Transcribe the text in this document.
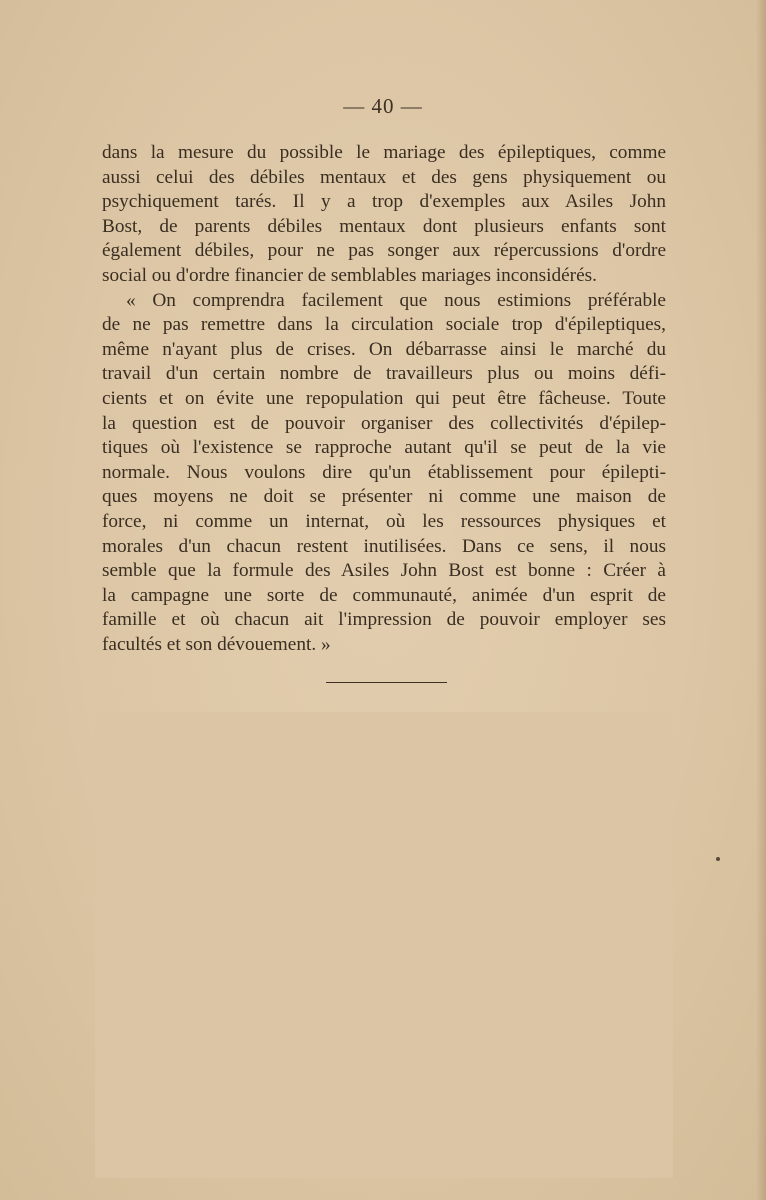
— 40 —
dans la mesure du possible le mariage des épileptiques, comme
aussi celui des débiles mentaux et des gens physiquement ou
psychiquement tarés. Il y a trop d'exemples aux Asiles John
Bost, de parents débiles mentaux dont plusieurs enfants sont
également débiles, pour ne pas songer aux répercussions d'ordre
social ou d'ordre financier de semblables mariages inconsidérés.
« On comprendra facilement que nous estimions préférable
de ne pas remettre dans la circulation sociale trop d'épileptiques,
même n'ayant plus de crises. On débarrasse ainsi le marché du
travail d'un certain nombre de travailleurs plus ou moins défi-
cients et on évite une repopulation qui peut être fâcheuse. Toute
la question est de pouvoir organiser des collectivités d'épilep-
tiques où l'existence se rapproche autant qu'il se peut de la vie
normale. Nous voulons dire qu'un établissement pour épilepti-
ques moyens ne doit se présenter ni comme une maison de
force, ni comme un internat, où les ressources physiques et
morales d'un chacun restent inutilisées. Dans ce sens, il nous
semble que la formule des Asiles John Bost est bonne : Créer à
la campagne une sorte de communauté, animée d'un esprit de
famille et où chacun ait l'impression de pouvoir employer ses
facultés et son dévouement. »
